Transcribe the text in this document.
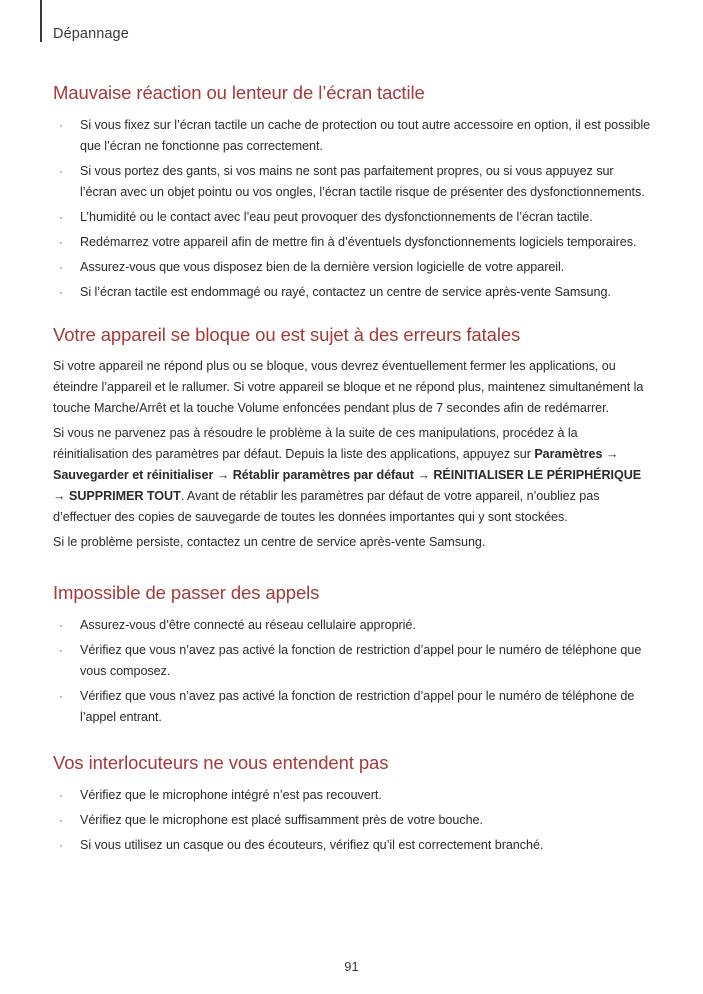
Dépannage
Mauvaise réaction ou lenteur de l’écran tactile
· Si vous fixez sur l’écran tactile un cache de protection ou tout autre accessoire en option, il est possible que l’écran ne fonctionne pas correctement.
· Si vous portez des gants, si vos mains ne sont pas parfaitement propres, ou si vous appuyez sur l’écran avec un objet pointu ou vos ongles, l’écran tactile risque de présenter des dysfonctionnements.
· L’humidité ou le contact avec l’eau peut provoquer des dysfonctionnements de l’écran tactile.
· Redémarrez votre appareil afin de mettre fin à d’éventuels dysfonctionnements logiciels temporaires.
· Assurez-vous que vous disposez bien de la dernière version logicielle de votre appareil.
· Si l’écran tactile est endommagé ou rayé, contactez un centre de service après-vente Samsung.
Votre appareil se bloque ou est sujet à des erreurs fatales

Si votre appareil ne répond plus ou se bloque, vous devrez éventuellement fermer les applications, ou éteindre l’appareil et le rallumer. Si votre appareil se bloque et ne répond plus, maintenez simultanément la touche Marche/Arrêt et la touche Volume enfoncées pendant plus de 7 secondes afin de redémarrer.

Si vous ne parvenez pas à résoudre le problème à la suite de ces manipulations, procédez à la réinitialisation des paramètres par défaut. Depuis la liste des applications, appuyez sur Paramètres → Sauvegarder et réinitialiser → Rétablir paramètres par défaut → RÉINITIALISER LE PÉRIPHÉRIQUE → SUPPRIMER TOUT. Avant de rétablir les paramètres par défaut de votre appareil, n’oubliez pas d’effectuer des copies de sauvegarde de toutes les données importantes qui y sont stockées.

Si le problème persiste, contactez un centre de service après-vente Samsung.

Impossible de passer des appels
· Assurez-vous d’être connecté au réseau cellulaire approprié.
· Vérifiez que vous n’avez pas activé la fonction de restriction d’appel pour le numéro de téléphone que vous composez.
· Vérifiez que vous n’avez pas activé la fonction de restriction d’appel pour le numéro de téléphone de l’appel entrant.
Vos interlocuteurs ne vous entendent pas
· Vérifiez que le microphone intégré n’est pas recouvert.
· Vérifiez que le microphone est placé suffisamment près de votre bouche.
· Si vous utilisez un casque ou des écouteurs, vérifiez qu’il est correctement branché.
91
